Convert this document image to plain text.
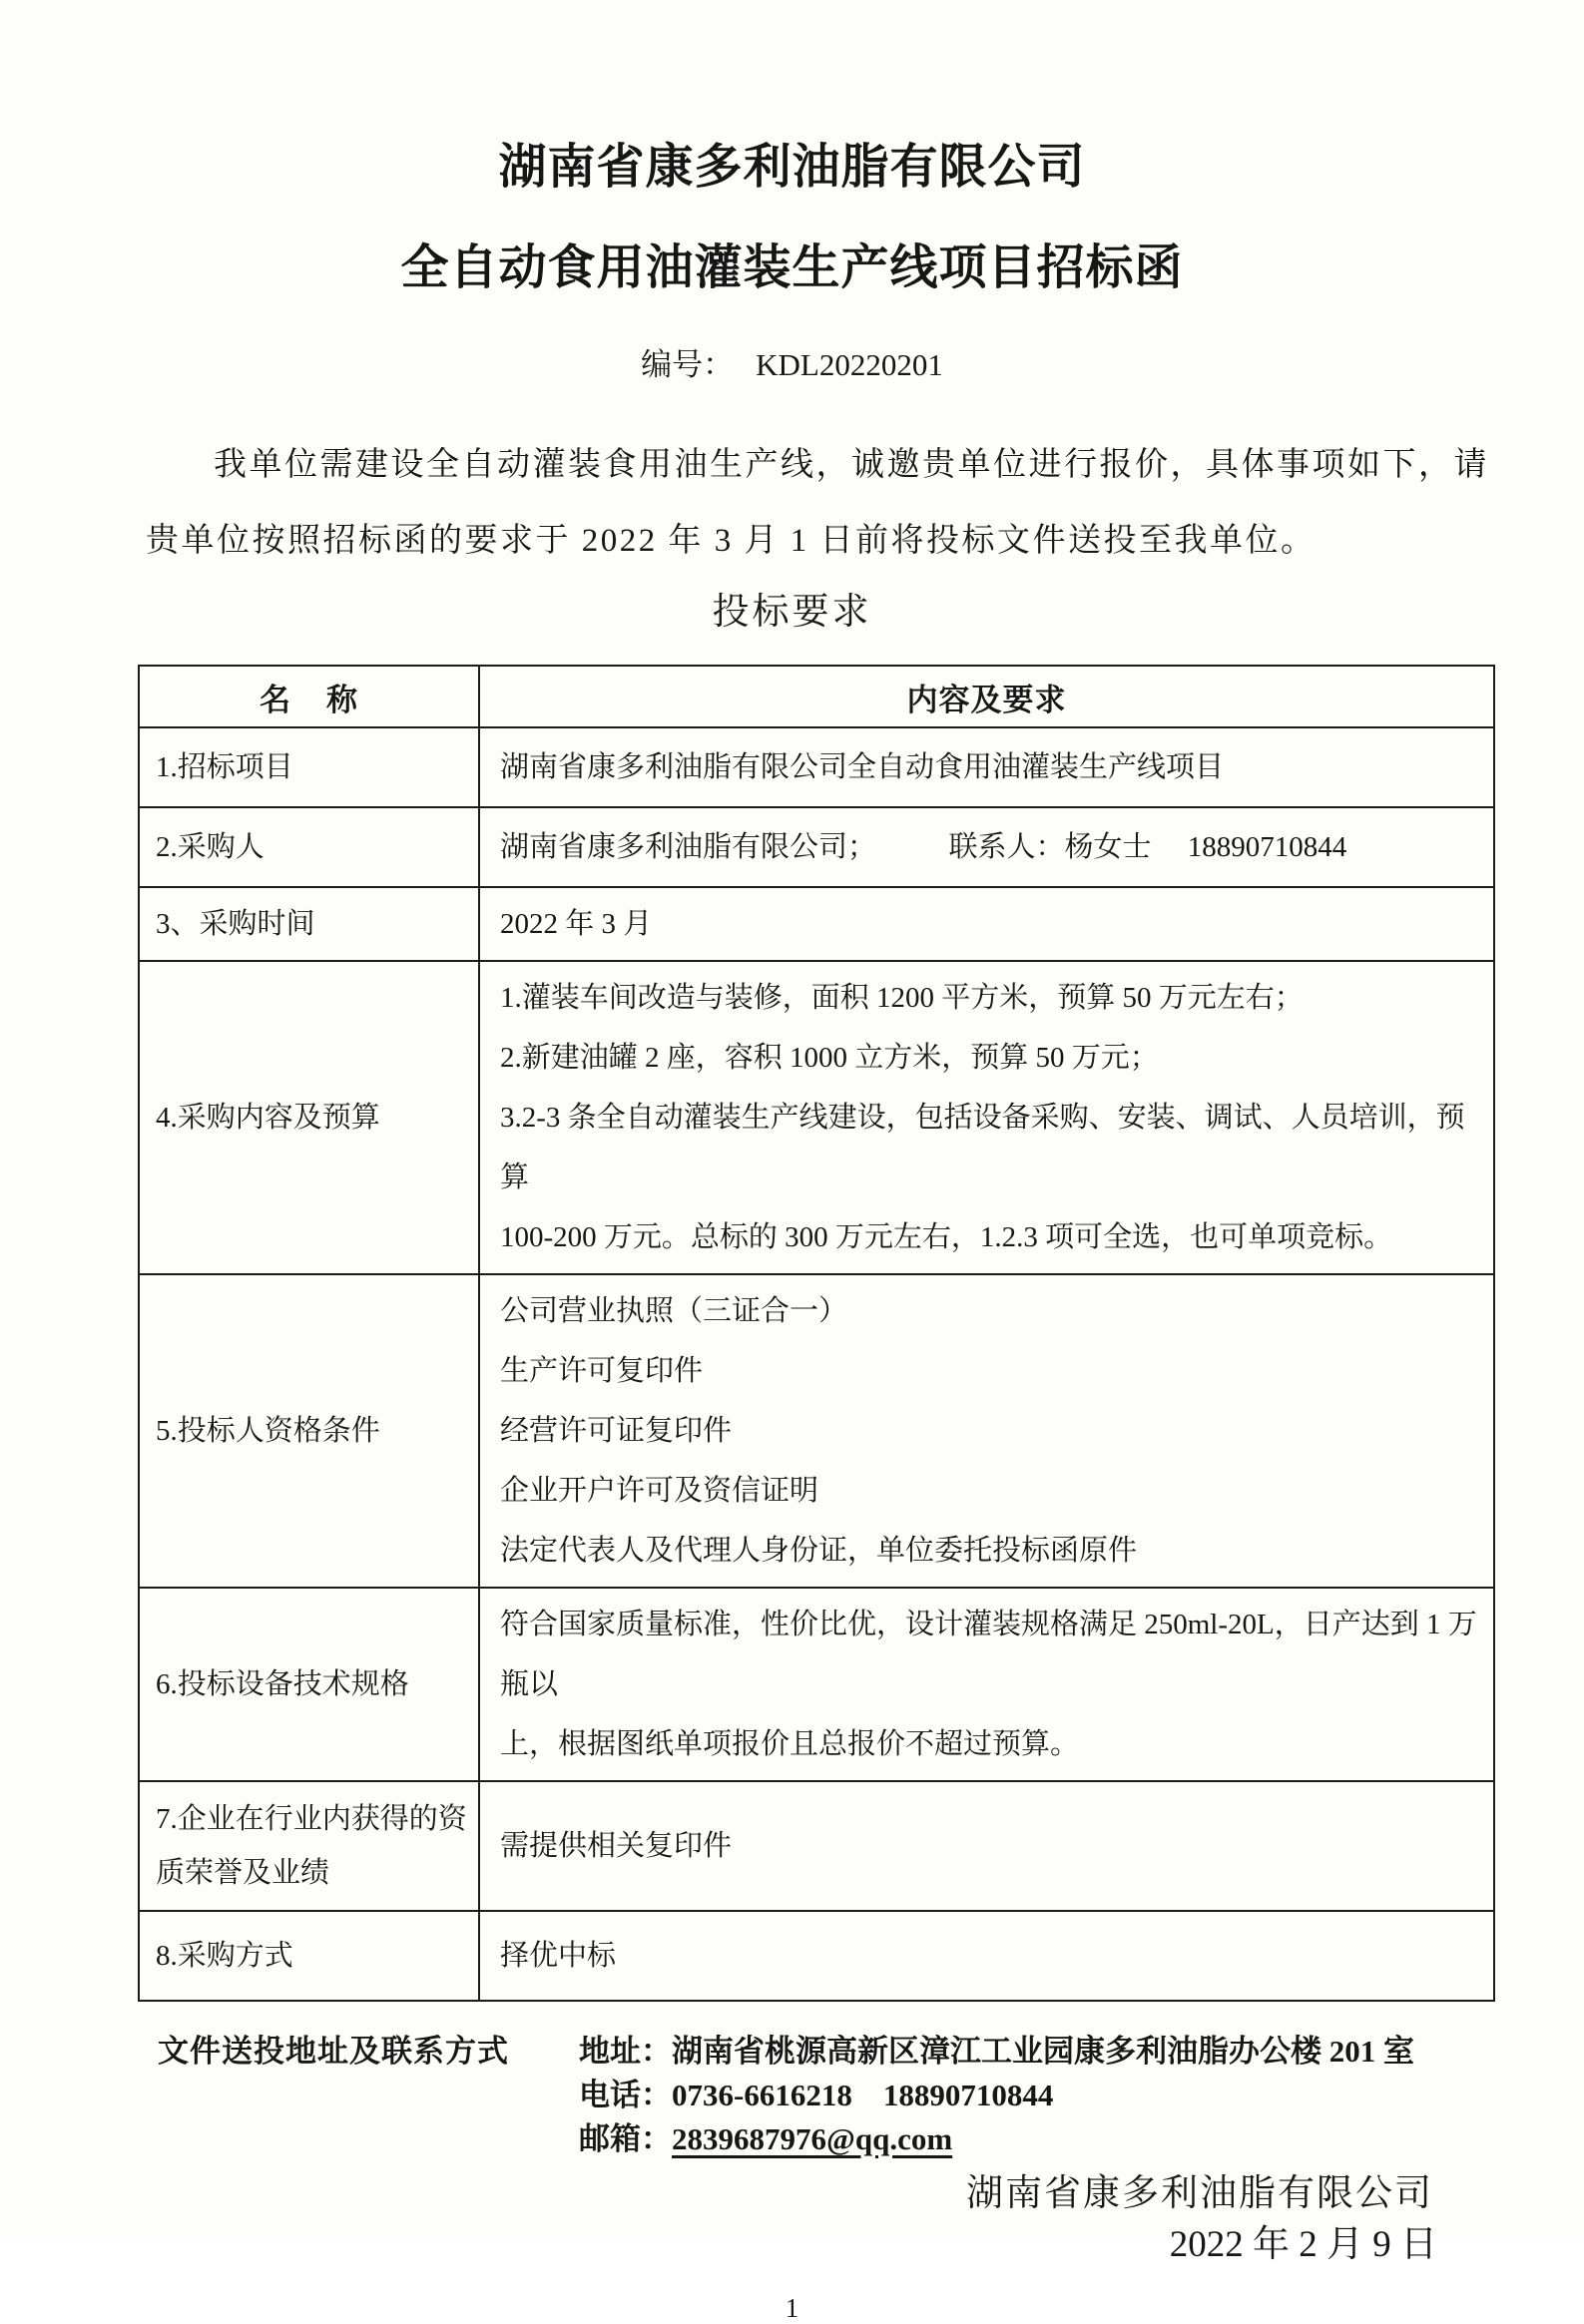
湖南省康多利油脂有限公司
全自动食用油灌装生产线项目招标函
编号： KDL20220201
我单位需建设全自动灌装食用油生产线，诚邀贵单位进行报价，具体事项如下，请
贵单位按照招标函的要求于 2022 年 3 月 1 日前将投标文件送投至我单位。
投标要求
名    称	内容及要求
1.招标项目	湖南省康多利油脂有限公司全自动食用油灌装生产线项目

2.采购人	湖南省康多利油脂有限公司；　　　联系人：杨女士　 18890710844

3、采购时间	2022 年 3 月

4.采购内容及预算	1.灌装车间改造与装修，面积 1200 平方米，预算 50 万元左右；
2.新建油罐 2 座，容积 1000 立方米，预算 50 万元；
3.2-3 条全自动灌装生产线建设，包括设备采购、安装、调试、人员培训，预算
100-200 万元。总标的 300 万元左右，1.2.3 项可全选，也可单项竞标。

5.投标人资格条件	公司营业执照（三证合一）
生产许可复印件
经营许可证复印件
企业开户许可及资信证明
法定代表人及代理人身份证，单位委托投标函原件

6.投标设备技术规格	符合国家质量标准，性价比优，设计灌装规格满足 250ml-20L，日产达到 1 万瓶以
上，根据图纸单项报价且总报价不超过预算。

7.企业在行业内获得的资质荣誉及业绩	需提供相关复印件

8.采购方式	择优中标
文件送投地址及联系方式 地址：湖南省桃源高新区漳江工业园康多利油脂办公楼 201 室
电话：0736-6616218    18890710844
邮箱：2839687976@qq.com
湖南省康多利油脂有限公司
2022 年 2 月 9 日
1
